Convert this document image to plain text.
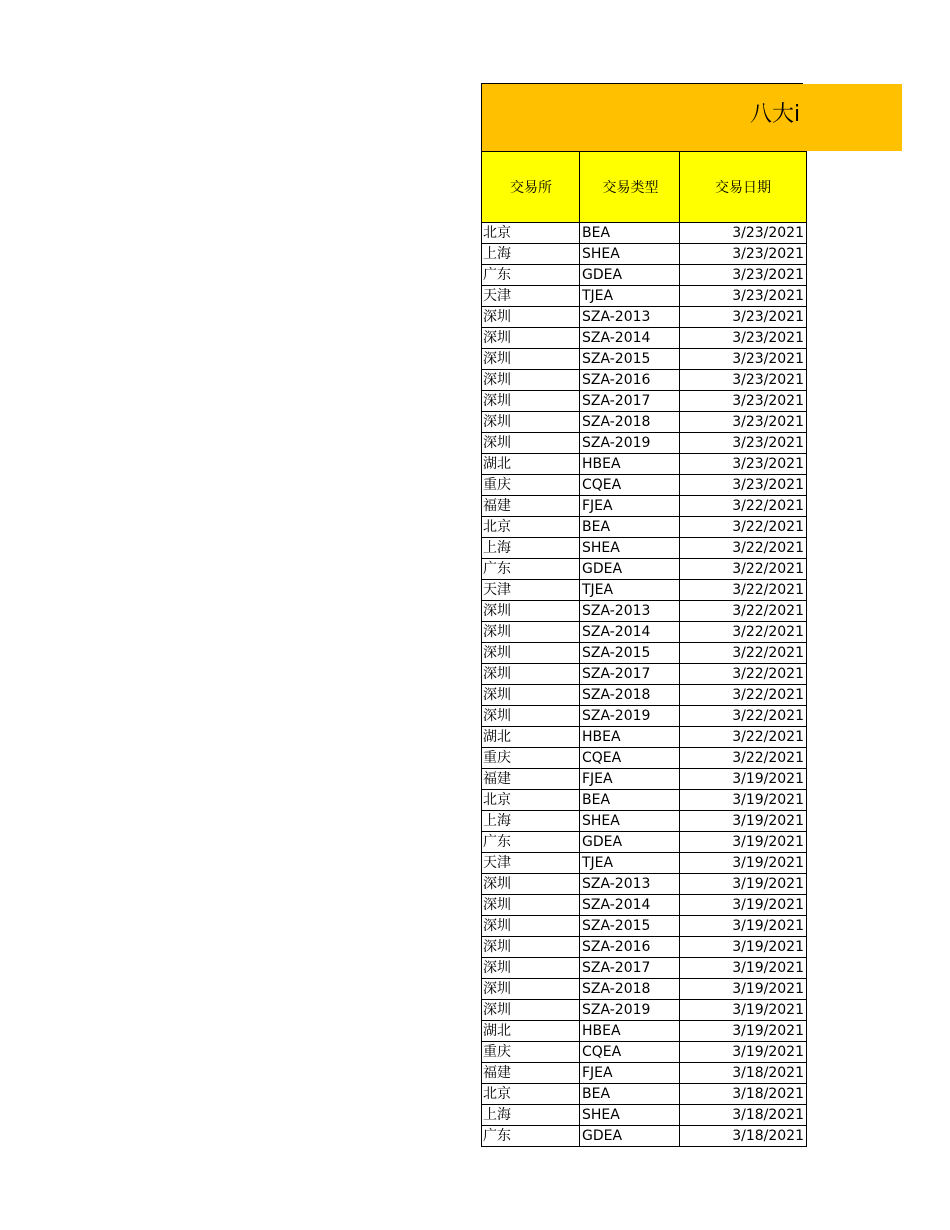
八大i
交易所	交易类型	交易日期
北京	BEA	3/23/2021
上海	SHEA	3/23/2021
广东	GDEA	3/23/2021
天津	TJEA	3/23/2021
深圳	SZA-2013	3/23/2021
深圳	SZA-2014	3/23/2021
深圳	SZA-2015	3/23/2021
深圳	SZA-2016	3/23/2021
深圳	SZA-2017	3/23/2021
深圳	SZA-2018	3/23/2021
深圳	SZA-2019	3/23/2021
湖北	HBEA	3/23/2021
重庆	CQEA	3/23/2021
福建	FJEA	3/22/2021
北京	BEA	3/22/2021
上海	SHEA	3/22/2021
广东	GDEA	3/22/2021
天津	TJEA	3/22/2021
深圳	SZA-2013	3/22/2021
深圳	SZA-2014	3/22/2021
深圳	SZA-2015	3/22/2021
深圳	SZA-2017	3/22/2021
深圳	SZA-2018	3/22/2021
深圳	SZA-2019	3/22/2021
湖北	HBEA	3/22/2021
重庆	CQEA	3/22/2021
福建	FJEA	3/19/2021
北京	BEA	3/19/2021
上海	SHEA	3/19/2021
广东	GDEA	3/19/2021
天津	TJEA	3/19/2021
深圳	SZA-2013	3/19/2021
深圳	SZA-2014	3/19/2021
深圳	SZA-2015	3/19/2021
深圳	SZA-2016	3/19/2021
深圳	SZA-2017	3/19/2021
深圳	SZA-2018	3/19/2021
深圳	SZA-2019	3/19/2021
湖北	HBEA	3/19/2021
重庆	CQEA	3/19/2021
福建	FJEA	3/18/2021
北京	BEA	3/18/2021
上海	SHEA	3/18/2021
广东	GDEA	3/18/2021
